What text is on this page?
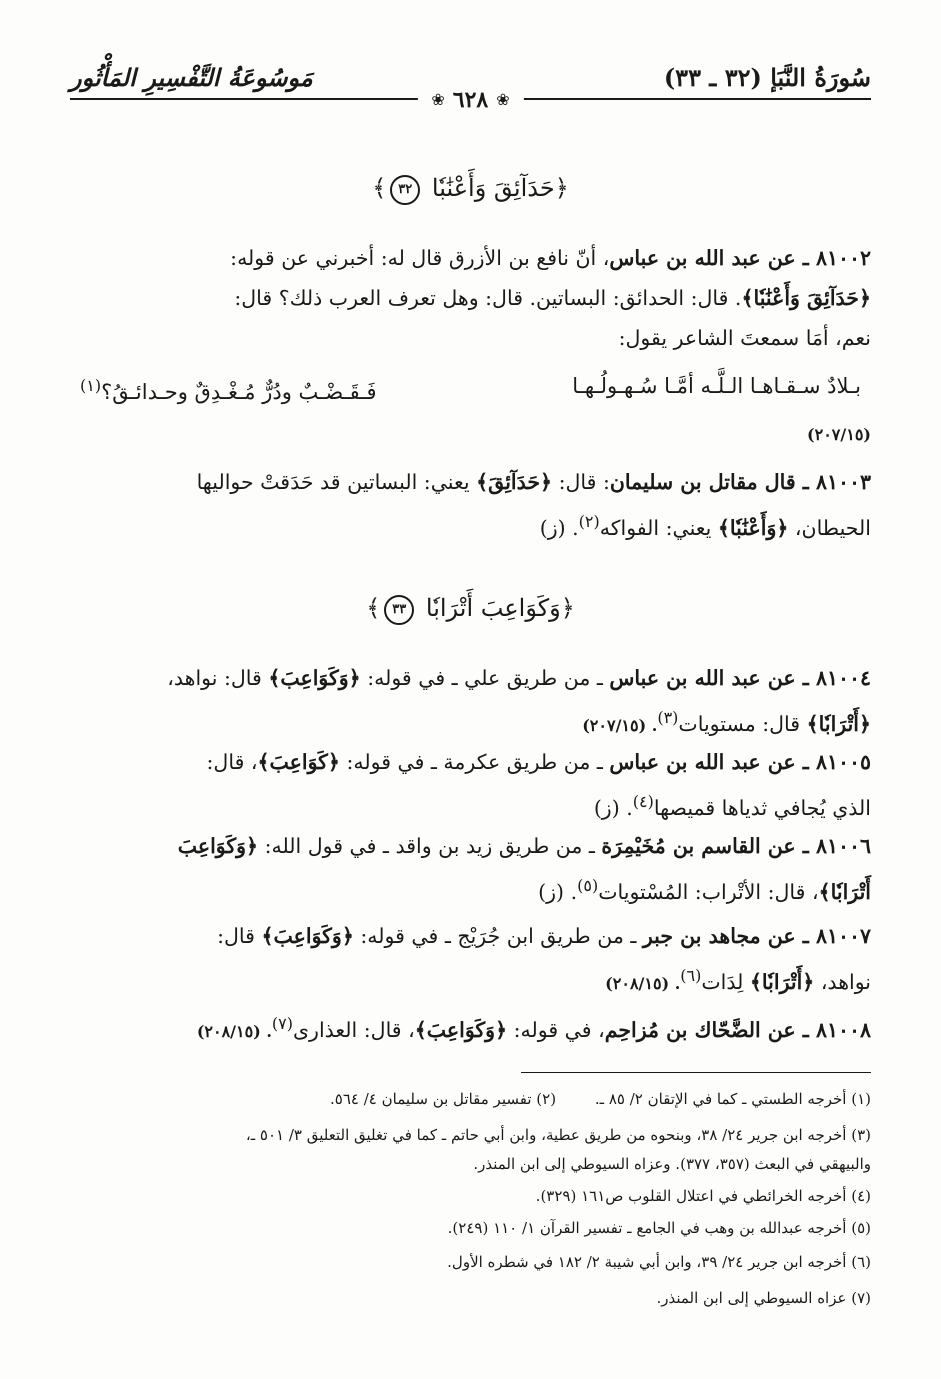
سُورَةُ النَّبَإ (٣٢ ـ ٣٣)
مَوسُوعَةُ التَّفْسِيرِ المَأْثُور
❀ ٦٢٨ ❀
﴿حَدَآئِقَ وَأَعْنَٰبٗا ٣٢﴾
٨١٠٠٢ ـ عن عبد الله بن عباس، أنّ نافع بن الأزرق قال له: أخبرني عن قوله:
﴿حَدَآئِقَ وَأَعْنَٰبٗا﴾. قال: الحدائق: البساتين. قال: وهل تعرف العرب ذلك؟ قال:
نعم، أمَا سمعتَ الشاعر يقول:
بـلادٌ سـقـاهـا الـلَّـه أمَّـا سُـهـولُـهـا
فَـقَـضْـبٌ ودُرٌّ مُـغْـدِقٌ وحـدائـقُ؟$^{(١)}$
(٢٠٧/١٥)
٨١٠٠٣ ـ قال مقاتل بن سليمان: قال: ﴿حَدَآئِقَ﴾ يعني: البساتين قد حَدَقتْ حواليها
الحيطان، ﴿وَأَعْنَٰبٗا﴾ يعني: الفواكه$^{(٢)}$. (ز)
﴿وَكَوَاعِبَ أَتْرَابٗا ٣٣﴾
٨١٠٠٤ ـ عن عبد الله بن عباس ـ من طريق علي ـ في قوله: ﴿وَكَوَاعِبَ﴾ قال: نواهد،
﴿أَتْرَابٗا﴾ قال: مستويات$^{(٣)}$. (٢٠٧/١٥)
٨١٠٠٥ ـ عن عبد الله بن عباس ـ من طريق عكرمة ـ في قوله: ﴿كَوَاعِبَ﴾، قال:
الذي يُجافي ثدياها قميصها$^{(٤)}$. (ز)
٨١٠٠٦ ـ عن القاسم بن مُخَيْمِرَة ـ من طريق زيد بن واقد ـ في قول الله: ﴿وَكَوَاعِبَ
أَتْرَابٗا﴾، قال: الأتْراب: المُسْتويات$^{(٥)}$. (ز)
٨١٠٠٧ ـ عن مجاهد بن جبر ـ من طريق ابن جُرَيْج ـ في قوله: ﴿وَكَوَاعِبَ﴾ قال:
نواهد، ﴿أَتْرَابٗا﴾ لِدَات$^{(٦)}$. (٢٠٨/١٥)
٨١٠٠٨ ـ عن الضَّحّاك بن مُزاحِم، في قوله: ﴿وَكَوَاعِبَ﴾، قال: العذارى$^{(٧)}$. (٢٠٨/١٥)
(١) أخرجه الطستي ـ كما في الإتقان ٢/ ٨٥ ـ.
(٢) تفسير مقاتل بن سليمان ٤/ ٥٦٤.
(٣) أخرجه ابن جرير ٢٤/ ٣٨، وبنحوه من طريق عطية، وابن أبي حاتم ـ كما في تغليق التعليق ٣/ ٥٠١ ـ،
والبيهقي في البعث (٣٥٧، ٣٧٧). وعزاه السيوطي إلى ابن المنذر.
(٤) أخرجه الخرائطي في اعتلال القلوب ص١٦١ (٣٢٩).
(٥) أخرجه عبدالله بن وهب في الجامع ـ تفسير القرآن ١/ ١١٠ (٢٤٩).
(٦) أخرجه ابن جرير ٢٤/ ٣٩، وابن أبي شيبة ٢/ ١٨٢ في شطره الأول.
(٧) عزاه السيوطي إلى ابن المنذر.
